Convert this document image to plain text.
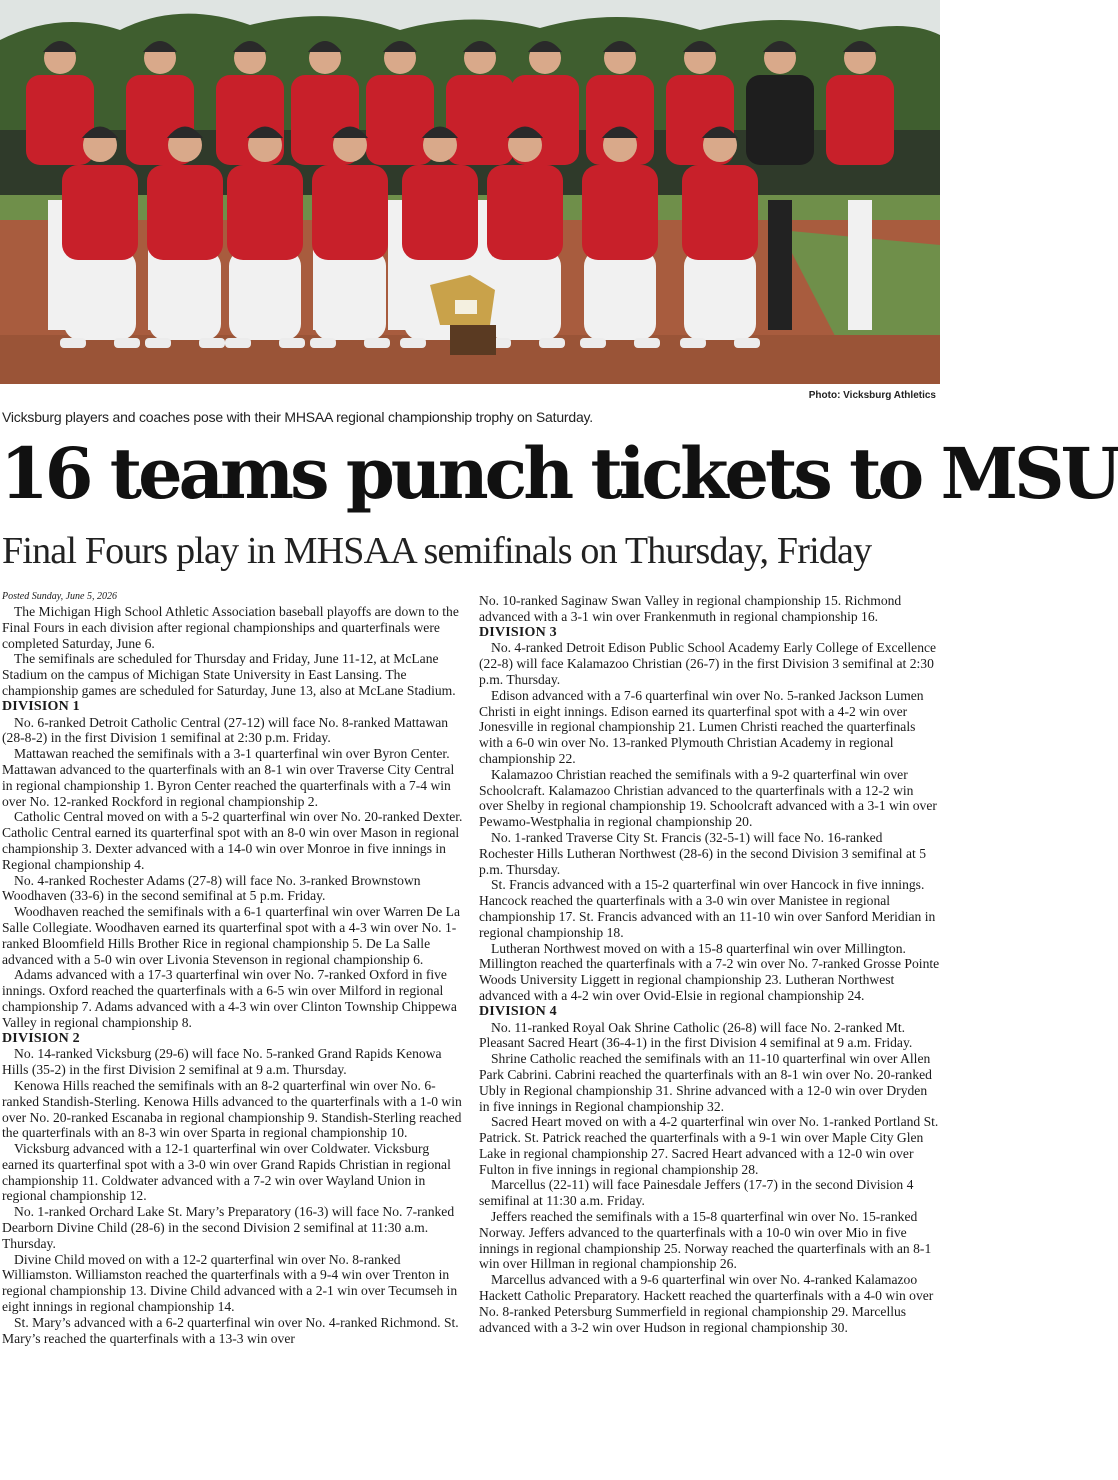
Photo: Vicksburg Athletics
Vicksburg players and coaches pose with their MHSAA regional championship trophy on Saturday.
16 teams punch tickets to MSU
Final Fours play in MHSAA semifinals on Thursday, Friday
Posted Sunday, June 5, 2026

The Michigan High School Athletic Association baseball playoffs are down to the Final Fours in each division after regional championships and quarterfinals were completed Saturday, June 6.

The semifinals are scheduled for Thursday and Friday, June 11-12, at McLane Stadium on the campus of Michigan State University in East Lansing. The championship games are scheduled for Saturday, June 13, also at McLane Stadium.

DIVISION 1

No. 6-ranked Detroit Catholic Central (27-12) will face No. 8-ranked Mattawan (28-8-2) in the first Division 1 semifinal at 2:30 p.m. Friday.

Mattawan reached the semifinals with a 3-1 quarterfinal win over Byron Center. Mattawan advanced to the quarterfinals with an 8-1 win over Traverse City Central in regional championship 1. Byron Center reached the quarterfinals with a 7-4 win over No. 12-ranked Rockford in regional championship 2.

Catholic Central moved on with a 5-2 quarterfinal win over No. 20-ranked Dexter. Catholic Central earned its quarterfinal spot with an 8-0 win over Mason in regional championship 3. Dexter advanced with a 14-0 win over Monroe in five innings in Regional championship 4.

No. 4-ranked Rochester Adams (27-8) will face No. 3-ranked Brownstown Woodhaven (33-6) in the second semifinal at 5 p.m. Friday.

Woodhaven reached the semifinals with a 6-1 quarterfinal win over Warren De La Salle Collegiate. Woodhaven earned its quarterfinal spot with a 4-3 win over No. 1-ranked Bloomfield Hills Brother Rice in regional championship 5. De La Salle advanced with a 5-0 win over Livonia Stevenson in regional championship 6.

Adams advanced with a 17-3 quarterfinal win over No. 7-ranked Oxford in five innings. Oxford reached the quarterfinals with a 6-5 win over Milford in regional championship 7. Adams advanced with a 4-3 win over Clinton Township Chippewa Valley in regional championship 8.

DIVISION 2

No. 14-ranked Vicksburg (29-6) will face No. 5-ranked Grand Rapids Kenowa Hills (35-2) in the first Division 2 semifinal at 9 a.m. Thursday.

Kenowa Hills reached the semifinals with an 8-2 quarterfinal win over No. 6-ranked Standish-Sterling. Kenowa Hills advanced to the quarterfinals with a 1-0 win over No. 20-ranked Escanaba in regional championship 9. Standish-Sterling reached the quarterfinals with an 8-3 win over Sparta in regional championship 10.

Vicksburg advanced with a 12-1 quarterfinal win over Coldwater. Vicksburg earned its quarterfinal spot with a 3-0 win over Grand Rapids Christian in regional championship 11. Coldwater advanced with a 7-2 win over Wayland Union in regional championship 12.

No. 1-ranked Orchard Lake St. Mary’s Preparatory (16-3) will face No. 7-ranked Dearborn Divine Child (28-6) in the second Division 2 semifinal at 11:30 a.m. Thursday.

Divine Child moved on with a 12-2 quarterfinal win over No. 8-ranked Williamston. Williamston reached the quarterfinals with a 9-4 win over Trenton in regional championship 13. Divine Child advanced with a 2-1 win over Tecumseh in eight innings in regional championship 14.

St. Mary’s advanced with a 6-2 quarterfinal win over No. 4-ranked Richmond. St. Mary’s reached the quarterfinals with a 13-3 win over

No. 10-ranked Saginaw Swan Valley in regional championship 15. Richmond advanced with a 3-1 win over Frankenmuth in regional championship 16.

DIVISION 3

No. 4-ranked Detroit Edison Public School Academy Early College of Excellence (22-8) will face Kalamazoo Christian (26-7) in the first Division 3 semifinal at 2:30 p.m. Thursday.

Edison advanced with a 7-6 quarterfinal win over No. 5-ranked Jackson Lumen Christi in eight innings. Edison earned its quarterfinal spot with a 4-2 win over Jonesville in regional championship 21. Lumen Christi reached the quarterfinals with a 6-0 win over No. 13-ranked Plymouth Christian Academy in regional championship 22.

Kalamazoo Christian reached the semifinals with a 9-2 quarterfinal win over Schoolcraft. Kalamazoo Christian advanced to the quarterfinals with a 12-2 win over Shelby in regional championship 19. Schoolcraft advanced with a 3-1 win over Pewamo-Westphalia in regional championship 20.

No. 1-ranked Traverse City St. Francis (32-5-1) will face No. 16-ranked Rochester Hills Lutheran Northwest (28-6) in the second Division 3 semifinal at 5 p.m. Thursday.

St. Francis advanced with a 15-2 quarterfinal win over Hancock in five innings. Hancock reached the quarterfinals with a 3-0 win over Manistee in regional championship 17. St. Francis advanced with an 11-10 win over Sanford Meridian in regional championship 18.

Lutheran Northwest moved on with a 15-8 quarterfinal win over Millington. Millington reached the quarterfinals with a 7-2 win over No. 7-ranked Grosse Pointe Woods University Liggett in regional championship 23. Lutheran Northwest advanced with a 4-2 win over Ovid-Elsie in regional championship 24.

DIVISION 4

No. 11-ranked Royal Oak Shrine Catholic (26-8) will face No. 2-ranked Mt. Pleasant Sacred Heart (36-4-1) in the first Division 4 semifinal at 9 a.m. Friday.

Shrine Catholic reached the semifinals with an 11-10 quarterfinal win over Allen Park Cabrini. Cabrini reached the quarterfinals with an 8-1 win over No. 20-ranked Ubly in Regional championship 31. Shrine advanced with a 12-0 win over Dryden in five innings in Regional championship 32.

Sacred Heart moved on with a 4-2 quarterfinal win over No. 1-ranked Portland St. Patrick. St. Patrick reached the quarterfinals with a 9-1 win over Maple City Glen Lake in regional championship 27. Sacred Heart advanced with a 12-0 win over Fulton in five innings in regional championship 28.

Marcellus (22-11) will face Painesdale Jeffers (17-7) in the second Division 4 semifinal at 11:30 a.m. Friday.

Jeffers reached the semifinals with a 15-8 quarterfinal win over No. 15-ranked Norway. Jeffers advanced to the quarterfinals with a 10-0 win over Mio in five innings in regional championship 25. Norway reached the quarterfinals with an 8-1 win over Hillman in regional championship 26.

Marcellus advanced with a 9-6 quarterfinal win over No. 4-ranked Kalamazoo Hackett Catholic Preparatory. Hackett reached the quarterfinals with a 4-0 win over No. 8-ranked Petersburg Summerfield in regional championship 29. Marcellus advanced with a 3-2 win over Hudson in regional championship 30.
